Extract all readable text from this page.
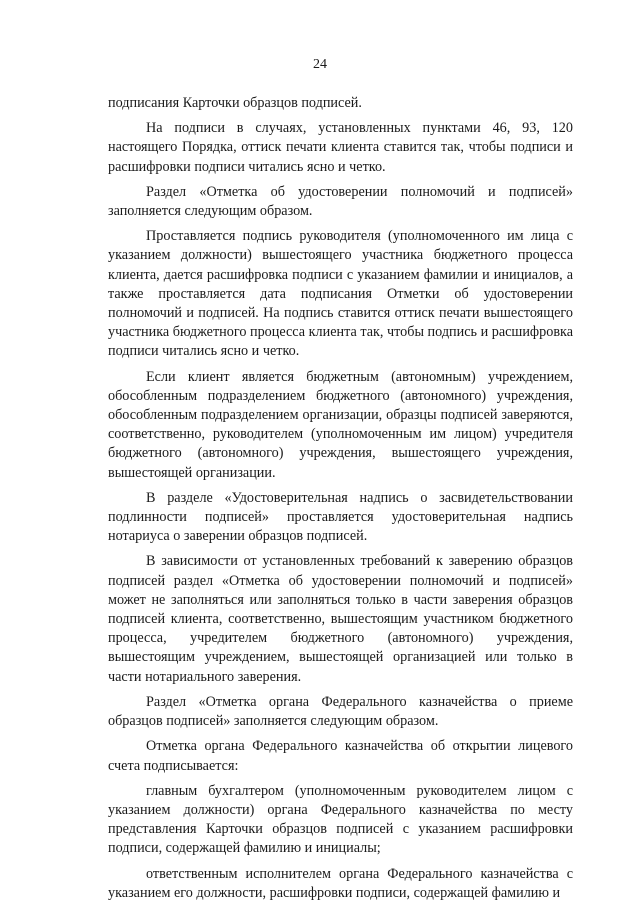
24

подписания Карточки образцов подписей.

На подписи в случаях, установленных пунктами 46, 93, 120 настоящего Порядка, оттиск печати клиента ставится так, чтобы подписи и расшифровки подписи читались ясно и четко.

Раздел «Отметка об удостоверении полномочий и подписей» заполняется следующим образом.

Проставляется подпись руководителя (уполномоченного им лица с указанием должности) вышестоящего участника бюджетного процесса клиента, дается расшифровка подписи с указанием фамилии и инициалов, а также проставляется дата подписания Отметки об удостоверении полномочий и подписей. На подпись ставится оттиск печати вышестоящего участника бюджетного процесса клиента так, чтобы подпись и расшифровка подписи читались ясно и четко.

Если клиент является бюджетным (автономным) учреждением, обособленным подразделением бюджетного (автономного) учреждения, обособленным подразделением организации, образцы подписей заверяются, соответственно, руководителем (уполномоченным им лицом) учредителя бюджетного (автономного) учреждения, вышестоящего учреждения, вышестоящей организации.

В разделе «Удостоверительная надпись о засвидетельствовании подлинности подписей» проставляется удостоверительная надпись нотариуса о заверении образцов подписей.

В зависимости от установленных требований к заверению образцов подписей раздел «Отметка об удостоверении полномочий и подписей» может не заполняться или заполняться только в части заверения образцов подписей клиента, соответственно, вышестоящим участником бюджетного процесса, учредителем бюджетного (автономного) учреждения, вышестоящим учреждением, вышестоящей организацией или только в части нотариального заверения.

Раздел «Отметка органа Федерального казначейства о приеме образцов подписей» заполняется следующим образом.

Отметка органа Федерального казначейства об открытии лицевого счета подписывается:

главным бухгалтером (уполномоченным руководителем лицом с указанием должности) органа Федерального казначейства по месту представления Карточки образцов подписей с указанием расшифровки подписи, содержащей фамилию и инициалы;

ответственным исполнителем органа Федерального казначейства с указанием его должности, расшифровки подписи, содержащей фамилию и
